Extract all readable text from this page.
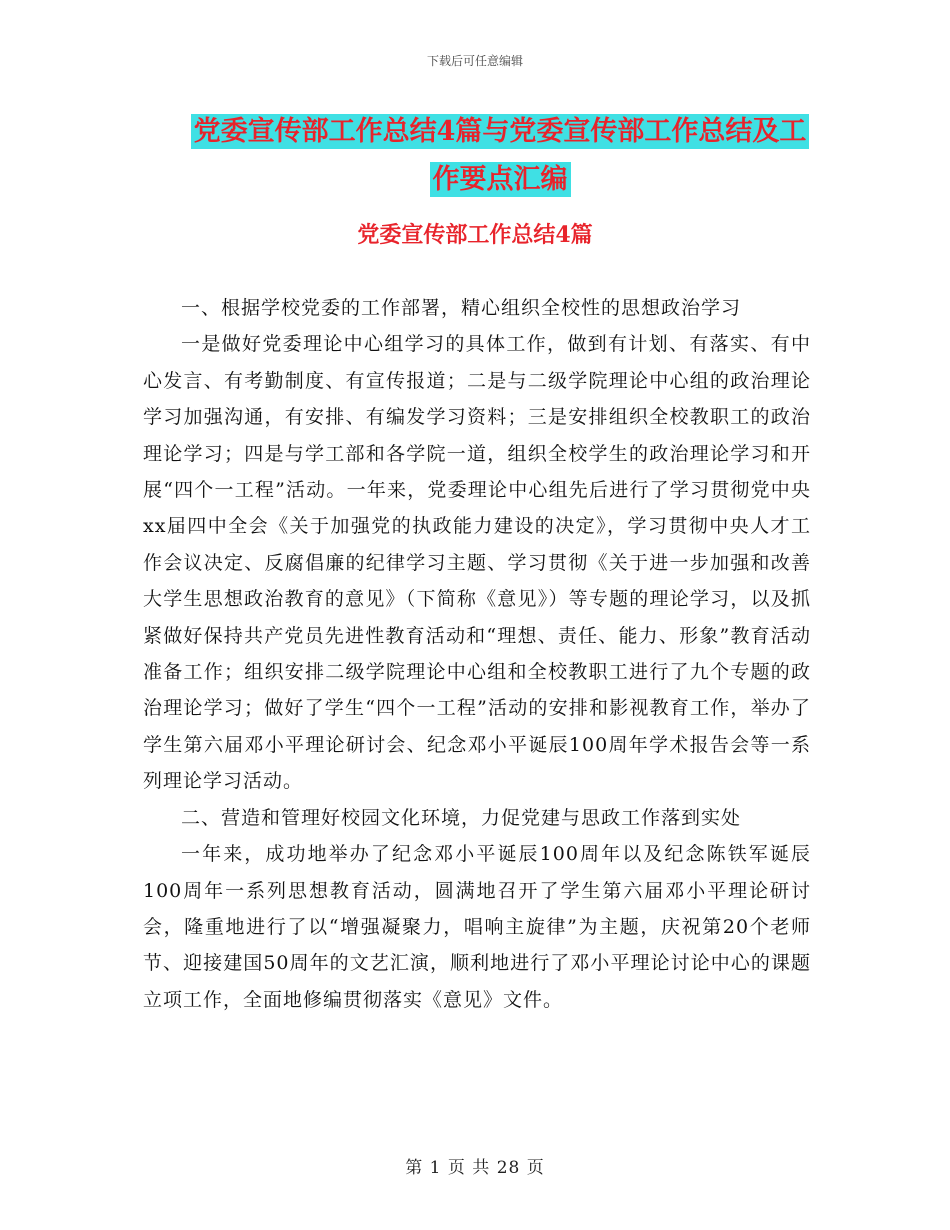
下载后可任意编辑
党委宣传部工作总结4篇与党委宣传部工作总结及工
作要点汇编
党委宣传部工作总结4篇

一、根据学校党委的工作部署，精心组织全校性的思想政治学习

一是做好党委理论中心组学习的具体工作，做到有计划、有落实、有中心发言、有考勤制度、有宣传报道；二是与二级学院理论中心组的政治理论学习加强沟通，有安排、有编发学习资料；三是安排组织全校教职工的政治理论学习；四是与学工部和各学院一道，组织全校学生的政治理论学习和开展“四个一工程”活动。一年来，党委理论中心组先后进行了学习贯彻党中央xx届四中全会《关于加强党的执政能力建设的决定》，学习贯彻中央人才工作会议决定、反腐倡廉的纪律学习主题、学习贯彻《关于进一步加强和改善大学生思想政治教育的意见》（下简称《意见》）等专题的理论学习，以及抓紧做好保持共产党员先进性教育活动和“理想、责任、能力、形象”教育活动准备工作；组织安排二级学院理论中心组和全校教职工进行了九个专题的政治理论学习；做好了学生“四个一工程”活动的安排和影视教育工作，举办了学生第六届邓小平理论研讨会、纪念邓小平诞辰100周年学术报告会等一系列理论学习活动。

二、营造和管理好校园文化环境，力促党建与思政工作落到实处

一年来，成功地举办了纪念邓小平诞辰100周年以及纪念陈铁军诞辰100周年一系列思想教育活动，圆满地召开了学生第六届邓小平理论研讨会，隆重地进行了以“增强凝聚力，唱响主旋律”为主题，庆祝第20个老师节、迎接建国50周年的文艺汇演，顺利地进行了邓小平理论讨论中心的课题立项工作，全面地修编贯彻落实《意见》文件。

第 1 页 共 28 页
